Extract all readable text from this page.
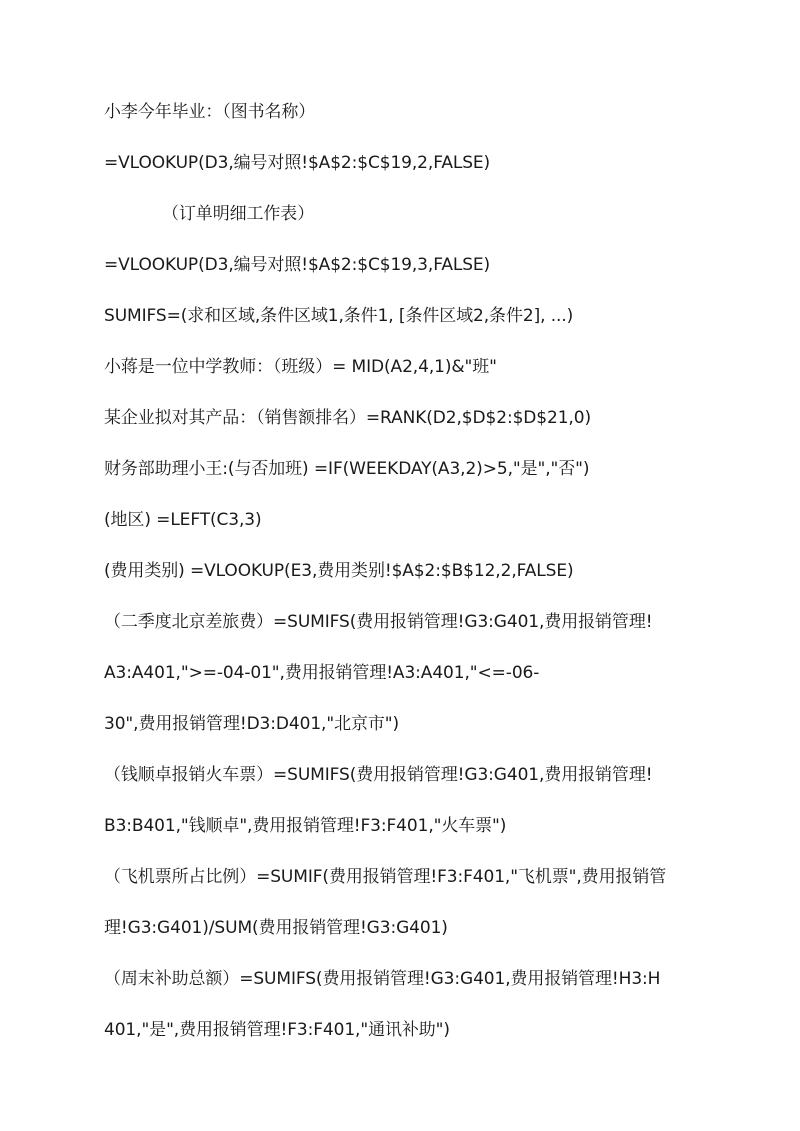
小李今年毕业：（图书名称）
=VLOOKUP(D3,编号对照!$A$2:$C$19,2,FALSE)
（订单明细工作表）
=VLOOKUP(D3,编号对照!$A$2:$C$19,3,FALSE)
SUMIFS=(求和区域,条件区域1,条件1, [条件区域2,条件2], ...)
小蒋是一位中学教师：（班级）= MID(A2,4,1)&"班"
某企业拟对其产品：（销售额排名）=RANK(D2,$D$2:$D$21,0)
财务部助理小王:(与否加班) =IF(WEEKDAY(A3,2)>5,"是","否")
(地区) =LEFT(C3,3)
(费用类别) =VLOOKUP(E3,费用类别!$A$2:$B$12,2,FALSE)
（二季度北京差旅费）=SUMIFS(费用报销管理!G3:G401,费用报销管理!
A3:A401,">=-04-01",费用报销管理!A3:A401,"<=-06-
30",费用报销管理!D3:D401,"北京市")
（钱顺卓报销火车票）=SUMIFS(费用报销管理!G3:G401,费用报销管理!
B3:B401,"钱顺卓",费用报销管理!F3:F401,"火车票")
（飞机票所占比例）=SUMIF(费用报销管理!F3:F401,"飞机票",费用报销管
理!G3:G401)/SUM(费用报销管理!G3:G401)
（周末补助总额）=SUMIFS(费用报销管理!G3:G401,费用报销管理!H3:H
401,"是",费用报销管理!F3:F401,"通讯补助")
